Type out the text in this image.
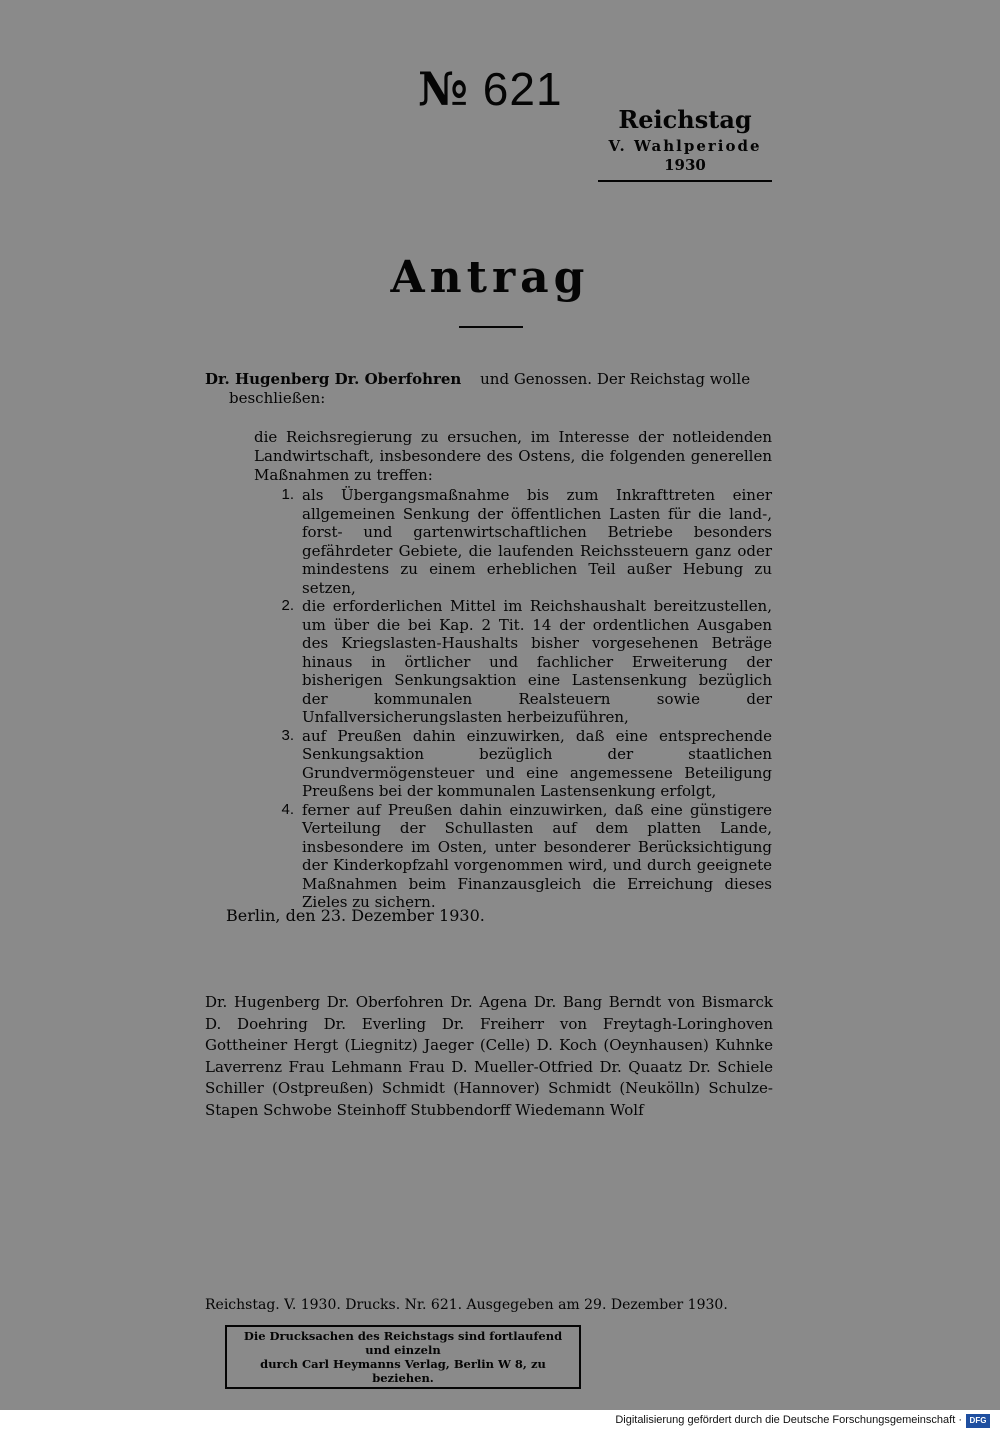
№ 621
Reichstag
V. Wahlperiode
1930
Antrag
Dr. Hugenberg Dr. Oberfohren und Genossen. Der Reichstag wolle
beschließen:
die Reichsregierung zu ersuchen, im Interesse der notleidenden Landwirtschaft, insbesondere des Ostens, die folgenden generellen Maßnahmen zu treffen:
1. als Übergangsmaßnahme bis zum Inkrafttreten einer allgemeinen Senkung der öffentlichen Lasten für die land-, forst- und gartenwirtschaftlichen Betriebe besonders gefährdeter Gebiete, die laufenden Reichssteuern ganz oder mindestens zu einem erheblichen Teil außer Hebung zu setzen,
2. die erforderlichen Mittel im Reichshaushalt bereitzustellen, um über die bei Kap. 2 Tit. 14 der ordentlichen Ausgaben des Kriegslasten-Haushalts bisher vorgesehenen Beträge hinaus in örtlicher und fachlicher Erweiterung der bisherigen Senkungsaktion eine Lastensenkung bezüglich der kommunalen Realsteuern sowie der Unfallversicherungslasten herbeizuführen,
3. auf Preußen dahin einzuwirken, daß eine entsprechende Senkungsaktion bezüglich der staatlichen Grundvermögensteuer und eine angemessene Beteiligung Preußens bei der kommunalen Lastensenkung erfolgt,
4. ferner auf Preußen dahin einzuwirken, daß eine günstigere Verteilung der Schullasten auf dem platten Lande, insbesondere im Osten, unter besonderer Berücksichtigung der Kinderkopfzahl vorgenommen wird, und durch geeignete Maßnahmen beim Finanzausgleich die Erreichung dieses Zieles zu sichern.
Berlin, den 23. Dezember 1930.
Dr. Hugenberg Dr. Oberfohren Dr. Agena Dr. Bang Berndt von Bismarck D. Doehring Dr. Everling Dr. Freiherr von Freytagh-Loringhoven Gottheiner Hergt (Liegnitz) Jaeger (Celle) D. Koch (Oeynhausen) Kuhnke Laverrenz Frau Lehmann Frau D. Mueller-Otfried Dr. Quaatz Dr. Schiele Schiller (Ostpreußen) Schmidt (Hannover) Schmidt (Neukölln) Schulze-Stapen Schwobe Steinhoff Stubbendorff Wiedemann Wolf
Reichstag. V. 1930. Drucks. Nr. 621. Ausgegeben am 29. Dezember 1930.
Die Drucksachen des Reichstags sind fortlaufend und einzeln
durch Carl Heymanns Verlag, Berlin W 8, zu beziehen.
Digitalisierung gefördert durch die Deutsche Forschungsgemeinschaft · DFG
